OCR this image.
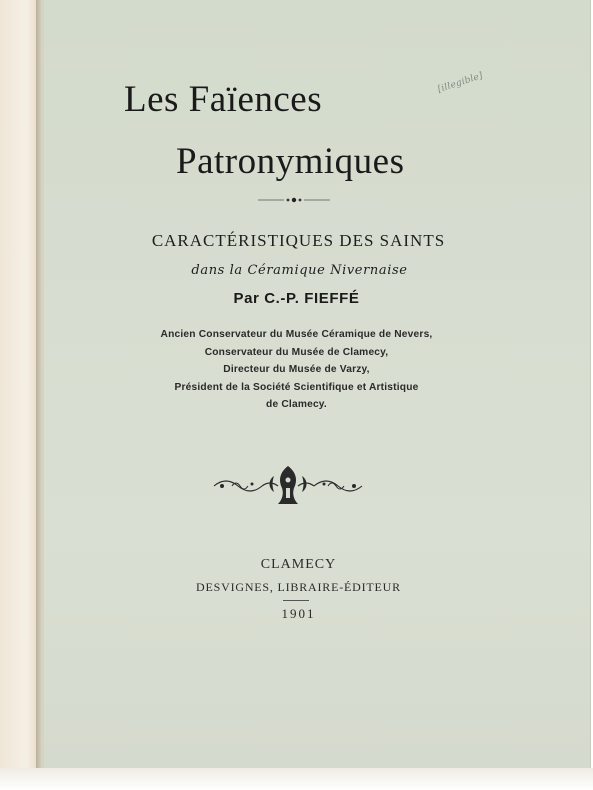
[illegible]
Les Faïences
Patronymiques
CARACTÉRISTIQUES DES SAINTS
dans la Céramique Nivernaise
Par C.-P. FIEFFÉ
Ancien Conservateur du Musée Céramique de Nevers,
Conservateur du Musée de Clamecy,
Directeur du Musée de Varzy,
Président de la Société Scientifique et Artistique
de Clamecy.
CLAMECY
DESVIGNES, LIBRAIRE-ÉDITEUR
1901
